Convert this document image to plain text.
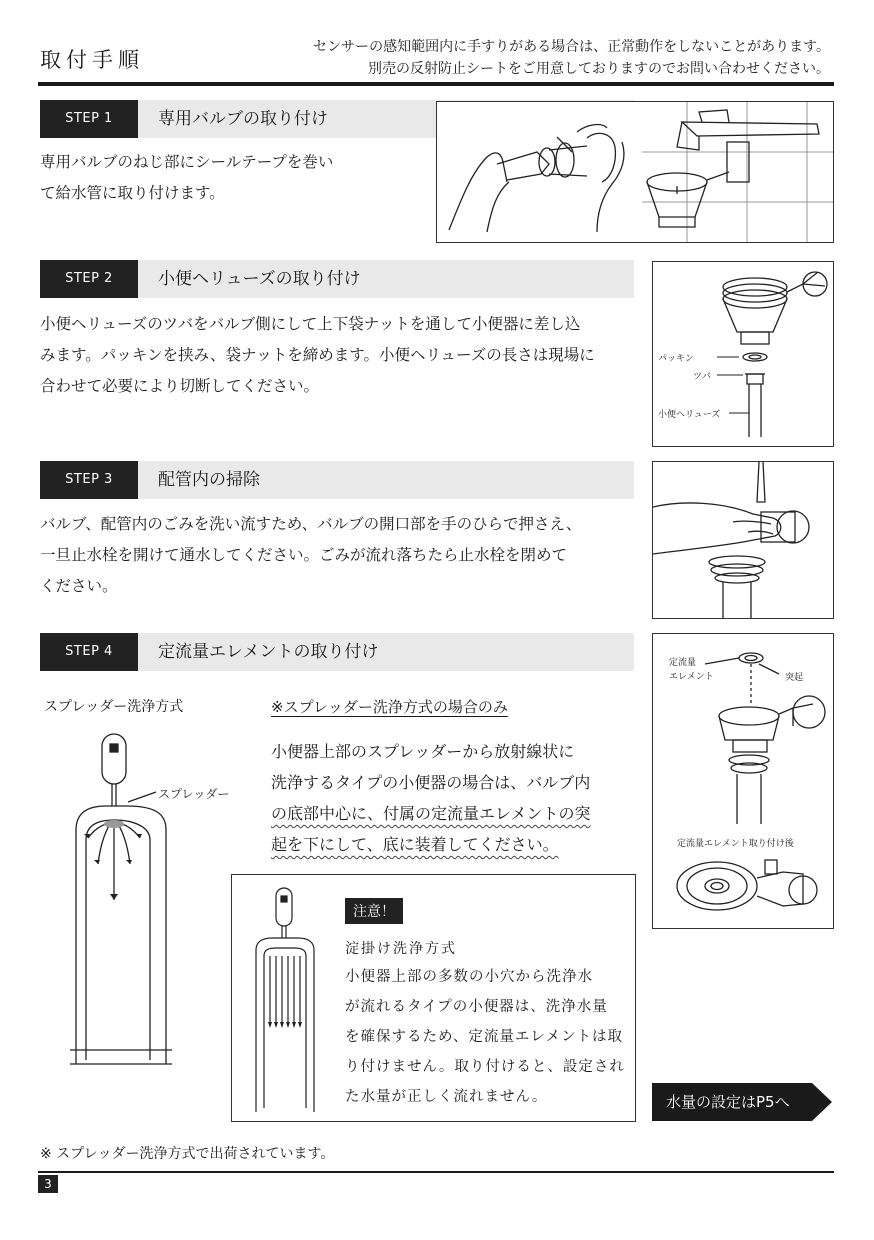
取付手順
センサーの感知範囲内に手すりがある場合は、正常動作をしないことがあります。
別売の反射防止シートをご用意しておりますのでお問い合わせください。
STEP 1	専用バルブの取り付け
専用バルブのねじ部にシールテープを巻い
て給水管に取り付けます。
STEP 2	小便ヘリューズの取り付け
小便ヘリューズのツバをバルブ側にして上下袋ナットを通して小便器に差し込
みます。パッキンを挟み、袋ナットを締めます。小便ヘリューズの長さは現場に
合わせて必要により切断してください。
パッキン
ツバ
小便ヘリューズ
STEP 3	配管内の掃除
バルブ、配管内のごみを洗い流すため、バルブの開口部を手のひらで押さえ、
一旦止水栓を開けて通水してください。ごみが流れ落ちたら止水栓を閉めて
ください。
STEP 4	定流量エレメントの取り付け
スプレッダー洗浄方式	※スプレッダー洗浄方式の場合のみ
小便器上部のスプレッダーから放射線状に
洗浄するタイプの小便器の場合は、バルブ内
の底部中心に、付属の定流量エレメントの突
起を下にして、底に装着してください。
スプレッダー
定流量
エレメント	突起
定流量エレメント取り付け後
注意！
淀掛け洗浄方式
小便器上部の多数の小穴から洗浄水
が流れるタイプの小便器は、洗浄水量
を確保するため、定流量エレメントは取
り付けません。取り付けると、設定され
た水量が正しく流れません。	水量の設定はP5へ
※ スプレッダー洗浄方式で出荷されています。
3
